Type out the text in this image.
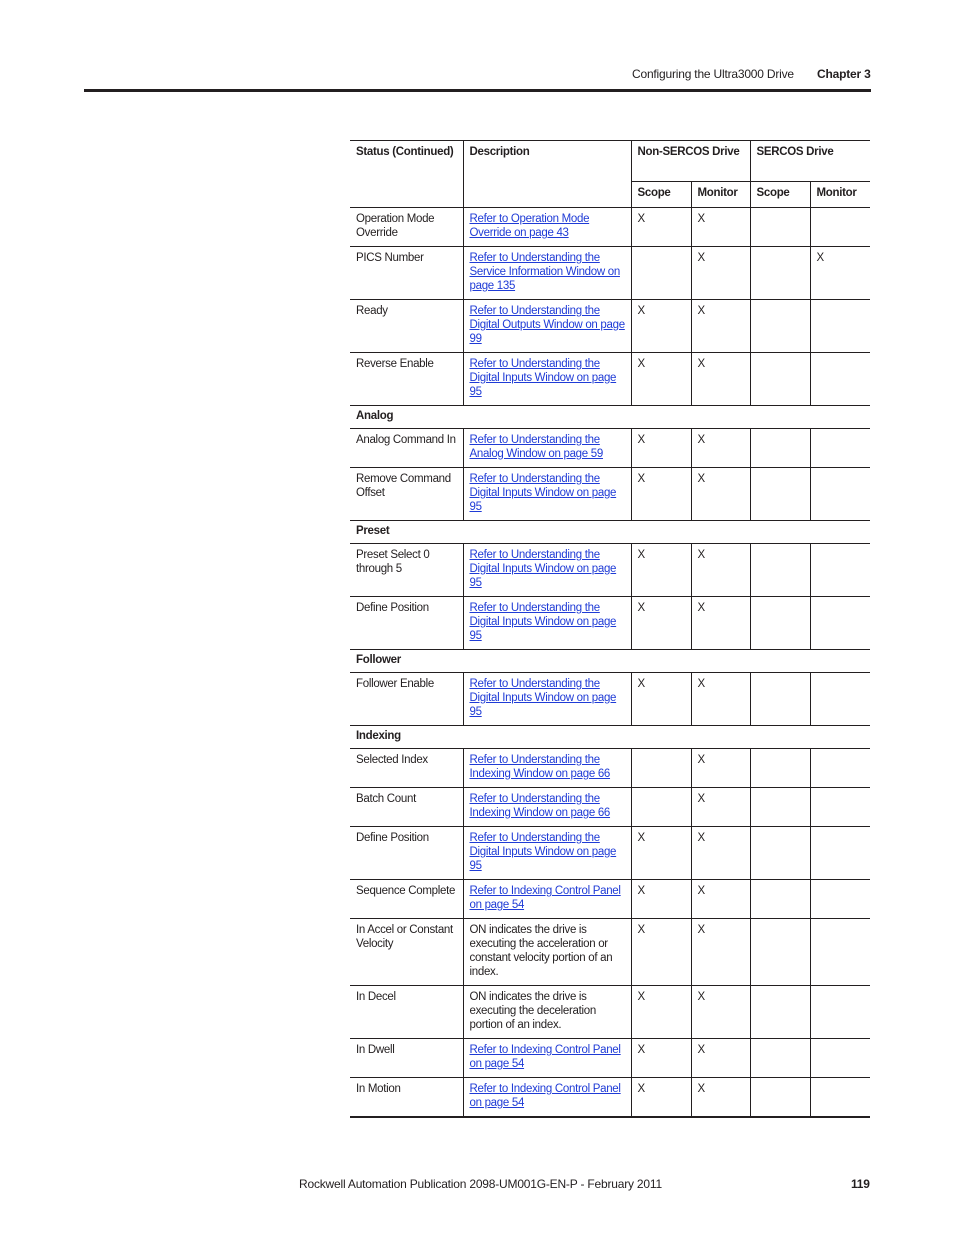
Configuring the Ultra3000 Drive Chapter 3
Status (Continued)	Description	Non-SERCOS Drive		SERCOS Drive	
		Scope	Monitor	Scope	Monitor
Operation Mode Override	Refer to Operation Mode Override on page 43	X	X		
PICS Number	Refer to Understanding the Service Information Window on page 135		X		X
Ready	Refer to Understanding the Digital Outputs Window on page 99	X	X		
Reverse Enable	Refer to Understanding the Digital Inputs Window on page 95	X	X		
Analog					
Analog Command In	Refer to Understanding the Analog Window on page 59	X	X		
Remove Command Offset	Refer to Understanding the Digital Inputs Window on page 95	X	X		
Preset					
Preset Select 0 through 5	Refer to Understanding the Digital Inputs Window on page 95	X	X		
Define Position	Refer to Understanding the Digital Inputs Window on page 95	X	X		
Follower					
Follower Enable	Refer to Understanding the Digital Inputs Window on page 95	X	X		
Indexing					
Selected Index	Refer to Understanding the Indexing Window on page 66		X		
Batch Count	Refer to Understanding the Indexing Window on page 66		X		
Define Position	Refer to Understanding the Digital Inputs Window on page 95	X	X		
Sequence Complete	Refer to Indexing Control Panel on page 54	X	X		
In Accel or Constant Velocity	ON indicates the drive is executing the acceleration or constant velocity portion of an index.	X	X		
In Decel	ON indicates the drive is executing the deceleration portion of an index.	X	X		
In Dwell	Refer to Indexing Control Panel on page 54	X	X		
In Motion	Refer to Indexing Control Panel on page 54	X	X		
Rockwell Automation Publication 2098-UM001G-EN-P - February 2011	119
